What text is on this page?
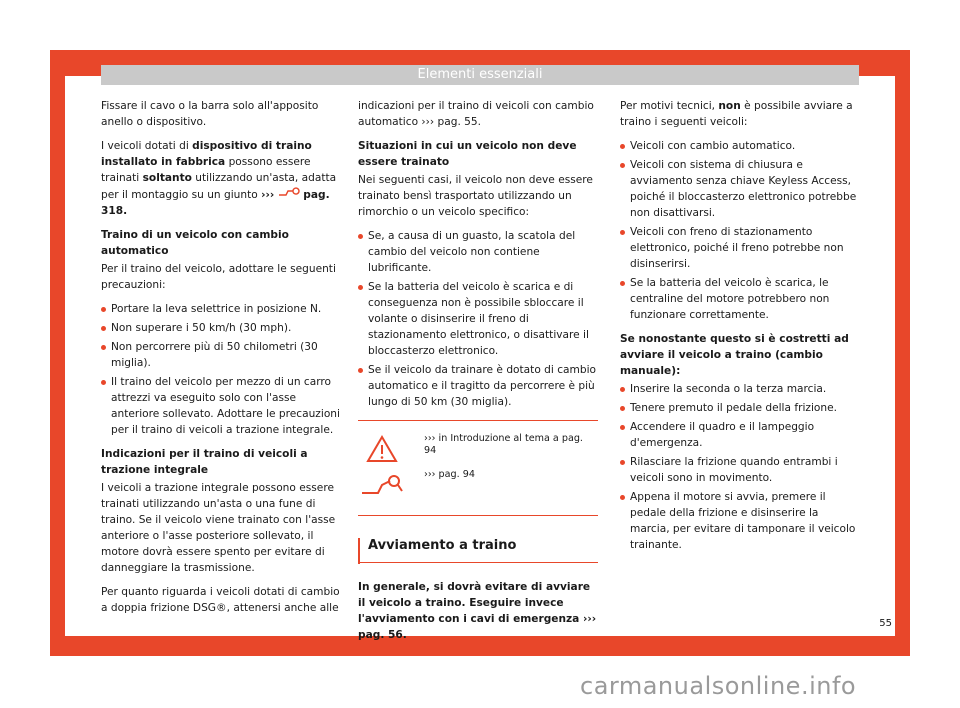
Elementi essenziali

Fissare il cavo o la barra solo all'apposito anello o dispositivo.

I veicoli dotati di dispositivo di traino installato in fabbrica possono essere trainati soltanto utilizzando un'asta, adatta per il montaggio su un giunto ›››  pag. 318.

Traino di un veicolo con cambio automatico

Per il traino del veicolo, adottare le seguenti precauzioni:

Portare la leva selettrice in posizione N.
Non superare i 50 km/h (30 mph).
Non percorrere più di 50 chilometri (30 miglia).
Il traino del veicolo per mezzo di un carro attrezzi va eseguito solo con l'asse anteriore sollevato. Adottare le precauzioni per il traino di veicoli a trazione integrale.
Indicazioni per il traino di veicoli a trazione integrale

I veicoli a trazione integrale possono essere trainati utilizzando un'asta o una fune di traino. Se il veicolo viene trainato con l'asse anteriore o l'asse posteriore sollevato, il motore dovrà essere spento per evitare di danneggiare la trasmissione.

Per quanto riguarda i veicoli dotati di cambio a doppia frizione DSG®, attenersi anche alle

indicazioni per il traino di veicoli con cambio automatico ››› pag. 55.

Situazioni in cui un veicolo non deve essere trainato

Nei seguenti casi, il veicolo non deve essere trainato bensì trasportato utilizzando un rimorchio o un veicolo specifico:

Se, a causa di un guasto, la scatola del cambio del veicolo non contiene lubrificante.
Se la batteria del veicolo è scarica e di conseguenza non è possibile sbloccare il volante o disinserire il freno di stazionamento elettronico, o disattivare il bloccasterzo elettronico.
Se il veicolo da trainare è dotato di cambio automatico e il tragitto da percorrere è più lungo di 50 km (30 miglia).
››› in Introduzione al tema a pag. 94
››› pag. 94
Avviamento a traino

In generale, si dovrà evitare di avviare il veicolo a traino. Eseguire invece l'avviamento con i cavi di emergenza ››› pag. 56.

Per motivi tecnici, non è possibile avviare a traino i seguenti veicoli:

Veicoli con cambio automatico.
Veicoli con sistema di chiusura e avviamento senza chiave Keyless Access, poiché il bloccasterzo elettronico potrebbe non disattivarsi.
Veicoli con freno di stazionamento elettronico, poiché il freno potrebbe non disinserirsi.
Se la batteria del veicolo è scarica, le centraline del motore potrebbero non funzionare correttamente.
Se nonostante questo si è costretti ad avviare il veicolo a traino (cambio manuale):
Inserire la seconda o la terza marcia.
Tenere premuto il pedale della frizione.
Accendere il quadro e il lampeggio d'emergenza.
Rilasciare la frizione quando entrambi i veicoli sono in movimento.
Appena il motore si avvia, premere il pedale della frizione e disinserire la marcia, per evitare di tamponare il veicolo trainante.
55
carmanualsonline.info
